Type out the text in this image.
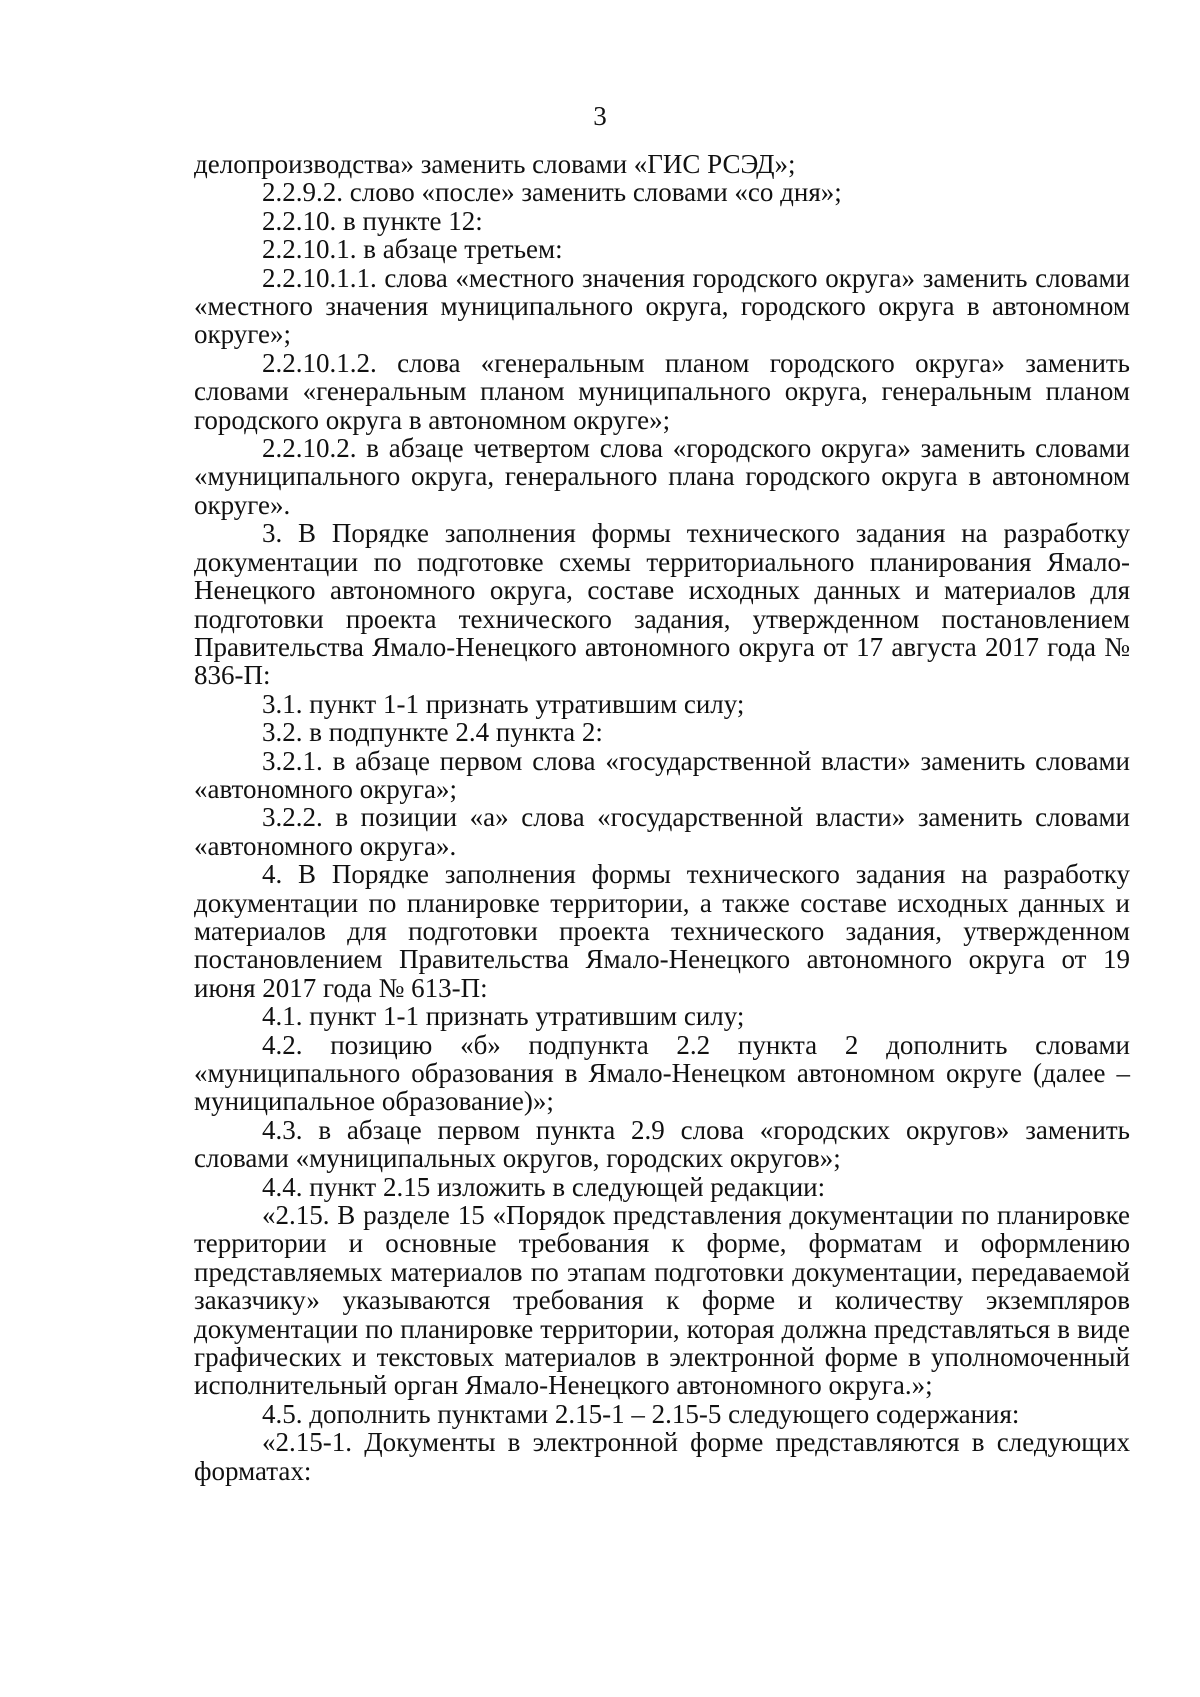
3

делопроизводства» заменить словами «ГИС РСЭД»;

2.2.9.2. слово «после» заменить словами «со дня»;

2.2.10. в пункте 12:

2.2.10.1. в абзаце третьем:

2.2.10.1.1. слова «местного значения городского округа» заменить словами «местного значения муниципального округа, городского округа в автономном округе»;

2.2.10.1.2. слова «генеральным планом городского округа» заменить словами «генеральным планом муниципального округа, генеральным планом городского округа в автономном округе»;

2.2.10.2. в абзаце четвертом слова «городского округа» заменить словами «муниципального округа, генерального плана городского округа в автономном округе».

3. В Порядке заполнения формы технического задания на разработку документации по подготовке схемы территориального планирования Ямало-Ненецкого автономного округа, составе исходных данных и материалов для подготовки проекта технического задания, утвержденном постановлением Правительства Ямало-Ненецкого автономного округа от 17 августа 2017 года № 836-П:

3.1. пункт 1-1 признать утратившим силу;

3.2. в подпункте 2.4 пункта 2:

3.2.1. в абзаце первом слова «государственной власти» заменить словами «автономного округа»;

3.2.2. в позиции «а» слова «государственной власти» заменить словами «автономного округа».

4. В Порядке заполнения формы технического задания на разработку документации по планировке территории, а также составе исходных данных и материалов для подготовки проекта технического задания, утвержденном постановлением Правительства Ямало-Ненецкого автономного округа от 19 июня 2017 года № 613-П:

4.1. пункт 1-1 признать утратившим силу;

4.2. позицию «б» подпункта 2.2 пункта 2 дополнить словами «муниципального образования в Ямало-Ненецком автономном округе (далее – муниципальное образование)»;

4.3. в абзаце первом пункта 2.9 слова «городских округов» заменить словами «муниципальных округов, городских округов»;

4.4. пункт 2.15 изложить в следующей редакции:

«2.15. В разделе 15 «Порядок представления документации по планировке территории и основные требования к форме, форматам и оформлению представляемых материалов по этапам подготовки документации, передаваемой заказчику» указываются требования к форме и количеству экземпляров документации по планировке территории, которая должна представляться в виде графических и текстовых материалов в электронной форме в уполномоченный исполнительный орган Ямало-Ненецкого автономного округа.»;

4.5. дополнить пунктами 2.15-1 – 2.15-5 следующего содержания:

«2.15-1. Документы в электронной форме представляются в следующих форматах:
